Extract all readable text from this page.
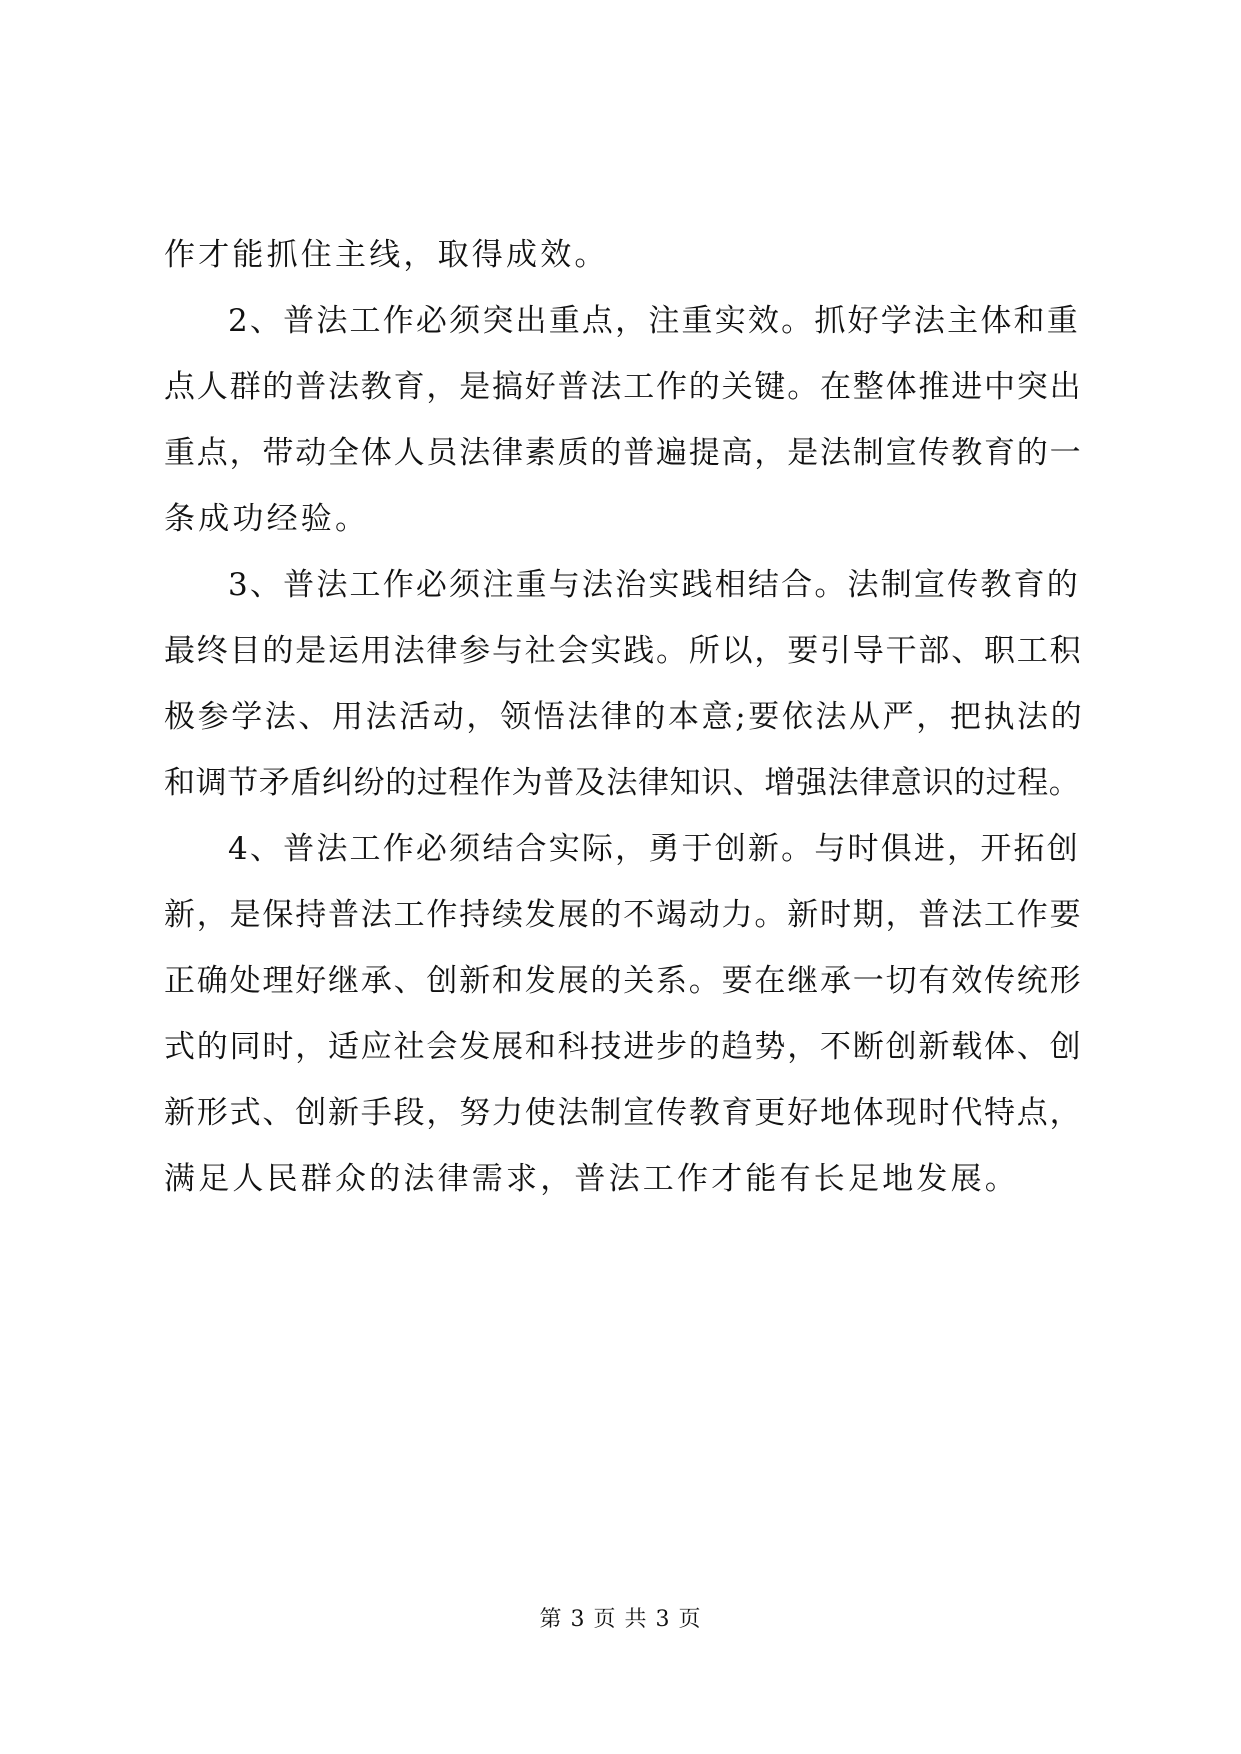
作才能抓住主线，取得成效。
2、普法工作必须突出重点，注重实效。抓好学法主体和重
点人群的普法教育，是搞好普法工作的关键。在整体推进中突出
重点，带动全体人员法律素质的普遍提高，是法制宣传教育的一
条成功经验。
3、普法工作必须注重与法治实践相结合。法制宣传教育的
最终目的是运用法律参与社会实践。所以，要引导干部、职工积
极参学法、用法活动，领悟法律的本意;要依法从严，把执法的
和调节矛盾纠纷的过程作为普及法律知识、增强法律意识的过程。
4、普法工作必须结合实际，勇于创新。与时俱进，开拓创
新，是保持普法工作持续发展的不竭动力。新时期，普法工作要
正确处理好继承、创新和发展的关系。要在继承一切有效传统形
式的同时，适应社会发展和科技进步的趋势，不断创新载体、创
新形式、创新手段，努力使法制宣传教育更好地体现时代特点，
满足人民群众的法律需求，普法工作才能有长足地发展。
第 3 页 共 3 页
